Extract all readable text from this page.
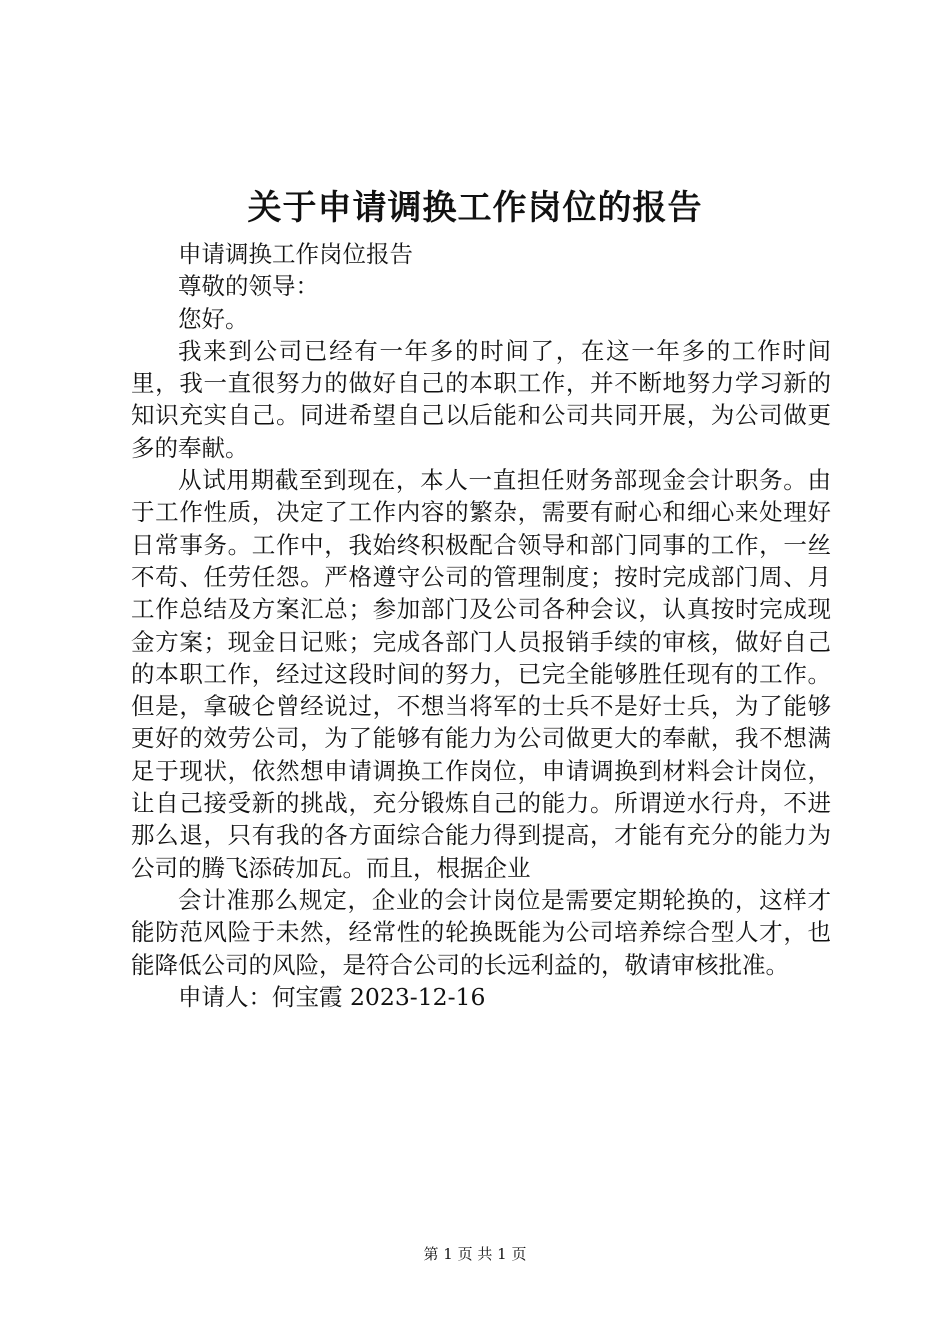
关于申请调换工作岗位的报告

申请调换工作岗位报告

尊敬的领导：

您好。

我来到公司已经有一年多的时间了，在这一年多的工作时间里，我一直很努力的做好自己的本职工作，并不断地努力学习新的知识充实自己。同进希望自己以后能和公司共同开展，为公司做更多的奉献。

从试用期截至到现在，本人一直担任财务部现金会计职务。由于工作性质，决定了工作内容的繁杂，需要有耐心和细心来处理好日常事务。工作中，我始终积极配合领导和部门同事的工作，一丝不苟、任劳任怨。严格遵守公司的管理制度；按时完成部门周、月工作总结及方案汇总；参加部门及公司各种会议，认真按时完成现金方案；现金日记账；完成各部门人员报销手续的审核，做好自己的本职工作，经过这段时间的努力，已完全能够胜任现有的工作。但是，拿破仑曾经说过，不想当将军的士兵不是好士兵，为了能够更好的效劳公司，为了能够有能力为公司做更大的奉献，我不想满足于现状，依然想申请调换工作岗位，申请调换到材料会计岗位，让自己接受新的挑战，充分锻炼自己的能力。所谓逆水行舟，不进那么退，只有我的各方面综合能力得到提高，才能有充分的能力为公司的腾飞添砖加瓦。而且，根据企业

会计准那么规定，企业的会计岗位是需要定期轮换的，这样才能防范风险于未然，经常性的轮换既能为公司培养综合型人才，也能降低公司的风险，是符合公司的长远利益的，敬请审核批准。

申请人：何宝霞 2023-12-16

第 1 页 共 1 页
